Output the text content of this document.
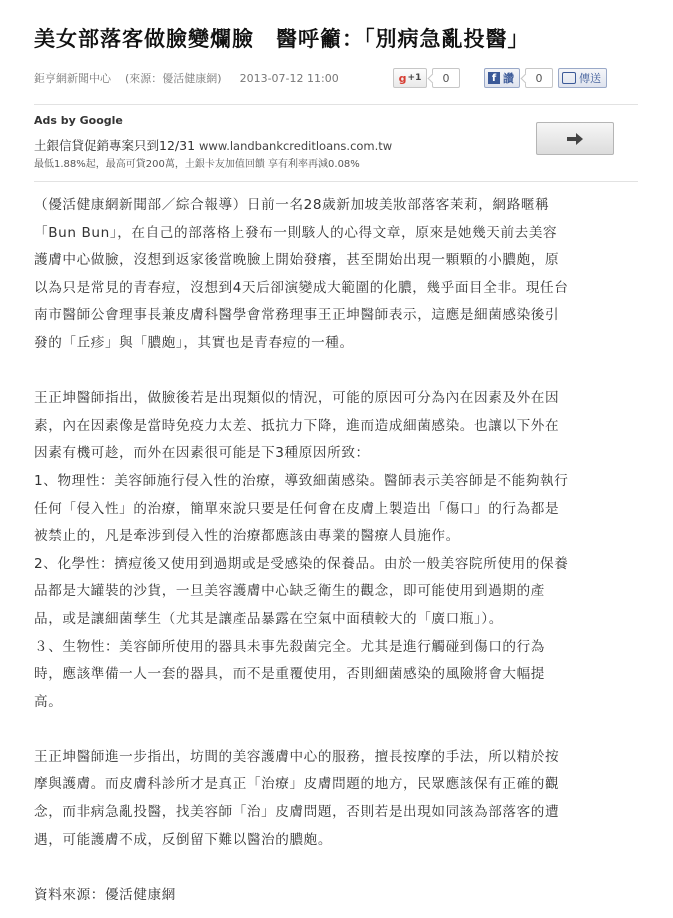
美女部落客做臉變爛臉　醫呼籲：「別病急亂投醫」
鉅亨網新聞中心 (來源：優活健康網) 2013-07-12 11:00	g +1	0	f 讚	0	傳送
Ads by Google
土銀信貸促銷專案只到12/31 www.landbankcreditloans.com.tw
最低1.88%起，最高可貸200萬，土銀卡友加值回饋 享有利率再減0.08%

（優活健康網新聞部／綜合報導）日前一名28歲新加坡美妝部落客茉莉，網路暱稱
「Bun Bun」，在自己的部落格上發布一則駭人的心得文章，原來是她幾天前去美容
護膚中心做臉，沒想到返家後當晚臉上開始發癢，甚至開始出現一顆顆的小膿皰，原
以為只是常見的青春痘，沒想到4天后卻演變成大範圍的化膿，幾乎面目全非。現任台
南市醫師公會理事長兼皮膚科醫學會常務理事王正坤醫師表示，這應是細菌感染後引
發的「丘疹」與「膿皰」，其實也是青春痘的一種。

王正坤醫師指出，做臉後若是出現類似的情況，可能的原因可分為內在因素及外在因
素，內在因素像是當時免疫力太差、抵抗力下降，進而造成細菌感染。也讓以下外在
因素有機可趁，而外在因素很可能是下3種原因所致：
1、物理性：美容師施行侵入性的治療，導致細菌感染。醫師表示美容師是不能夠執行
任何「侵入性」的治療，簡單來說只要是任何會在皮膚上製造出「傷口」的行為都是
被禁止的，凡是牽涉到侵入性的治療都應該由專業的醫療人員施作。
2、化學性：擠痘後又使用到過期或是受感染的保養品。由於一般美容院所使用的保養
品都是大罐裝的沙貨，一旦美容護膚中心缺乏衛生的觀念，即可能使用到過期的產
品，或是讓細菌孳生（尤其是讓產品暴露在空氣中面積較大的「廣口瓶」）。
３、生物性：美容師所使用的器具未事先殺菌完全。尤其是進行觸碰到傷口的行為
時，應該準備一人一套的器具，而不是重覆使用，否則細菌感染的風險將會大幅提
高。

王正坤醫師進一步指出，坊間的美容護膚中心的服務，擅長按摩的手法，所以精於按
摩與護膚。而皮膚科診所才是真正「治療」皮膚問題的地方，民眾應該保有正確的觀
念，而非病急亂投醫，找美容師「治」皮膚問題，否則若是出現如同該為部落客的遭
遇，可能護膚不成，反倒留下難以醫治的膿皰。

資料來源：優活健康網
